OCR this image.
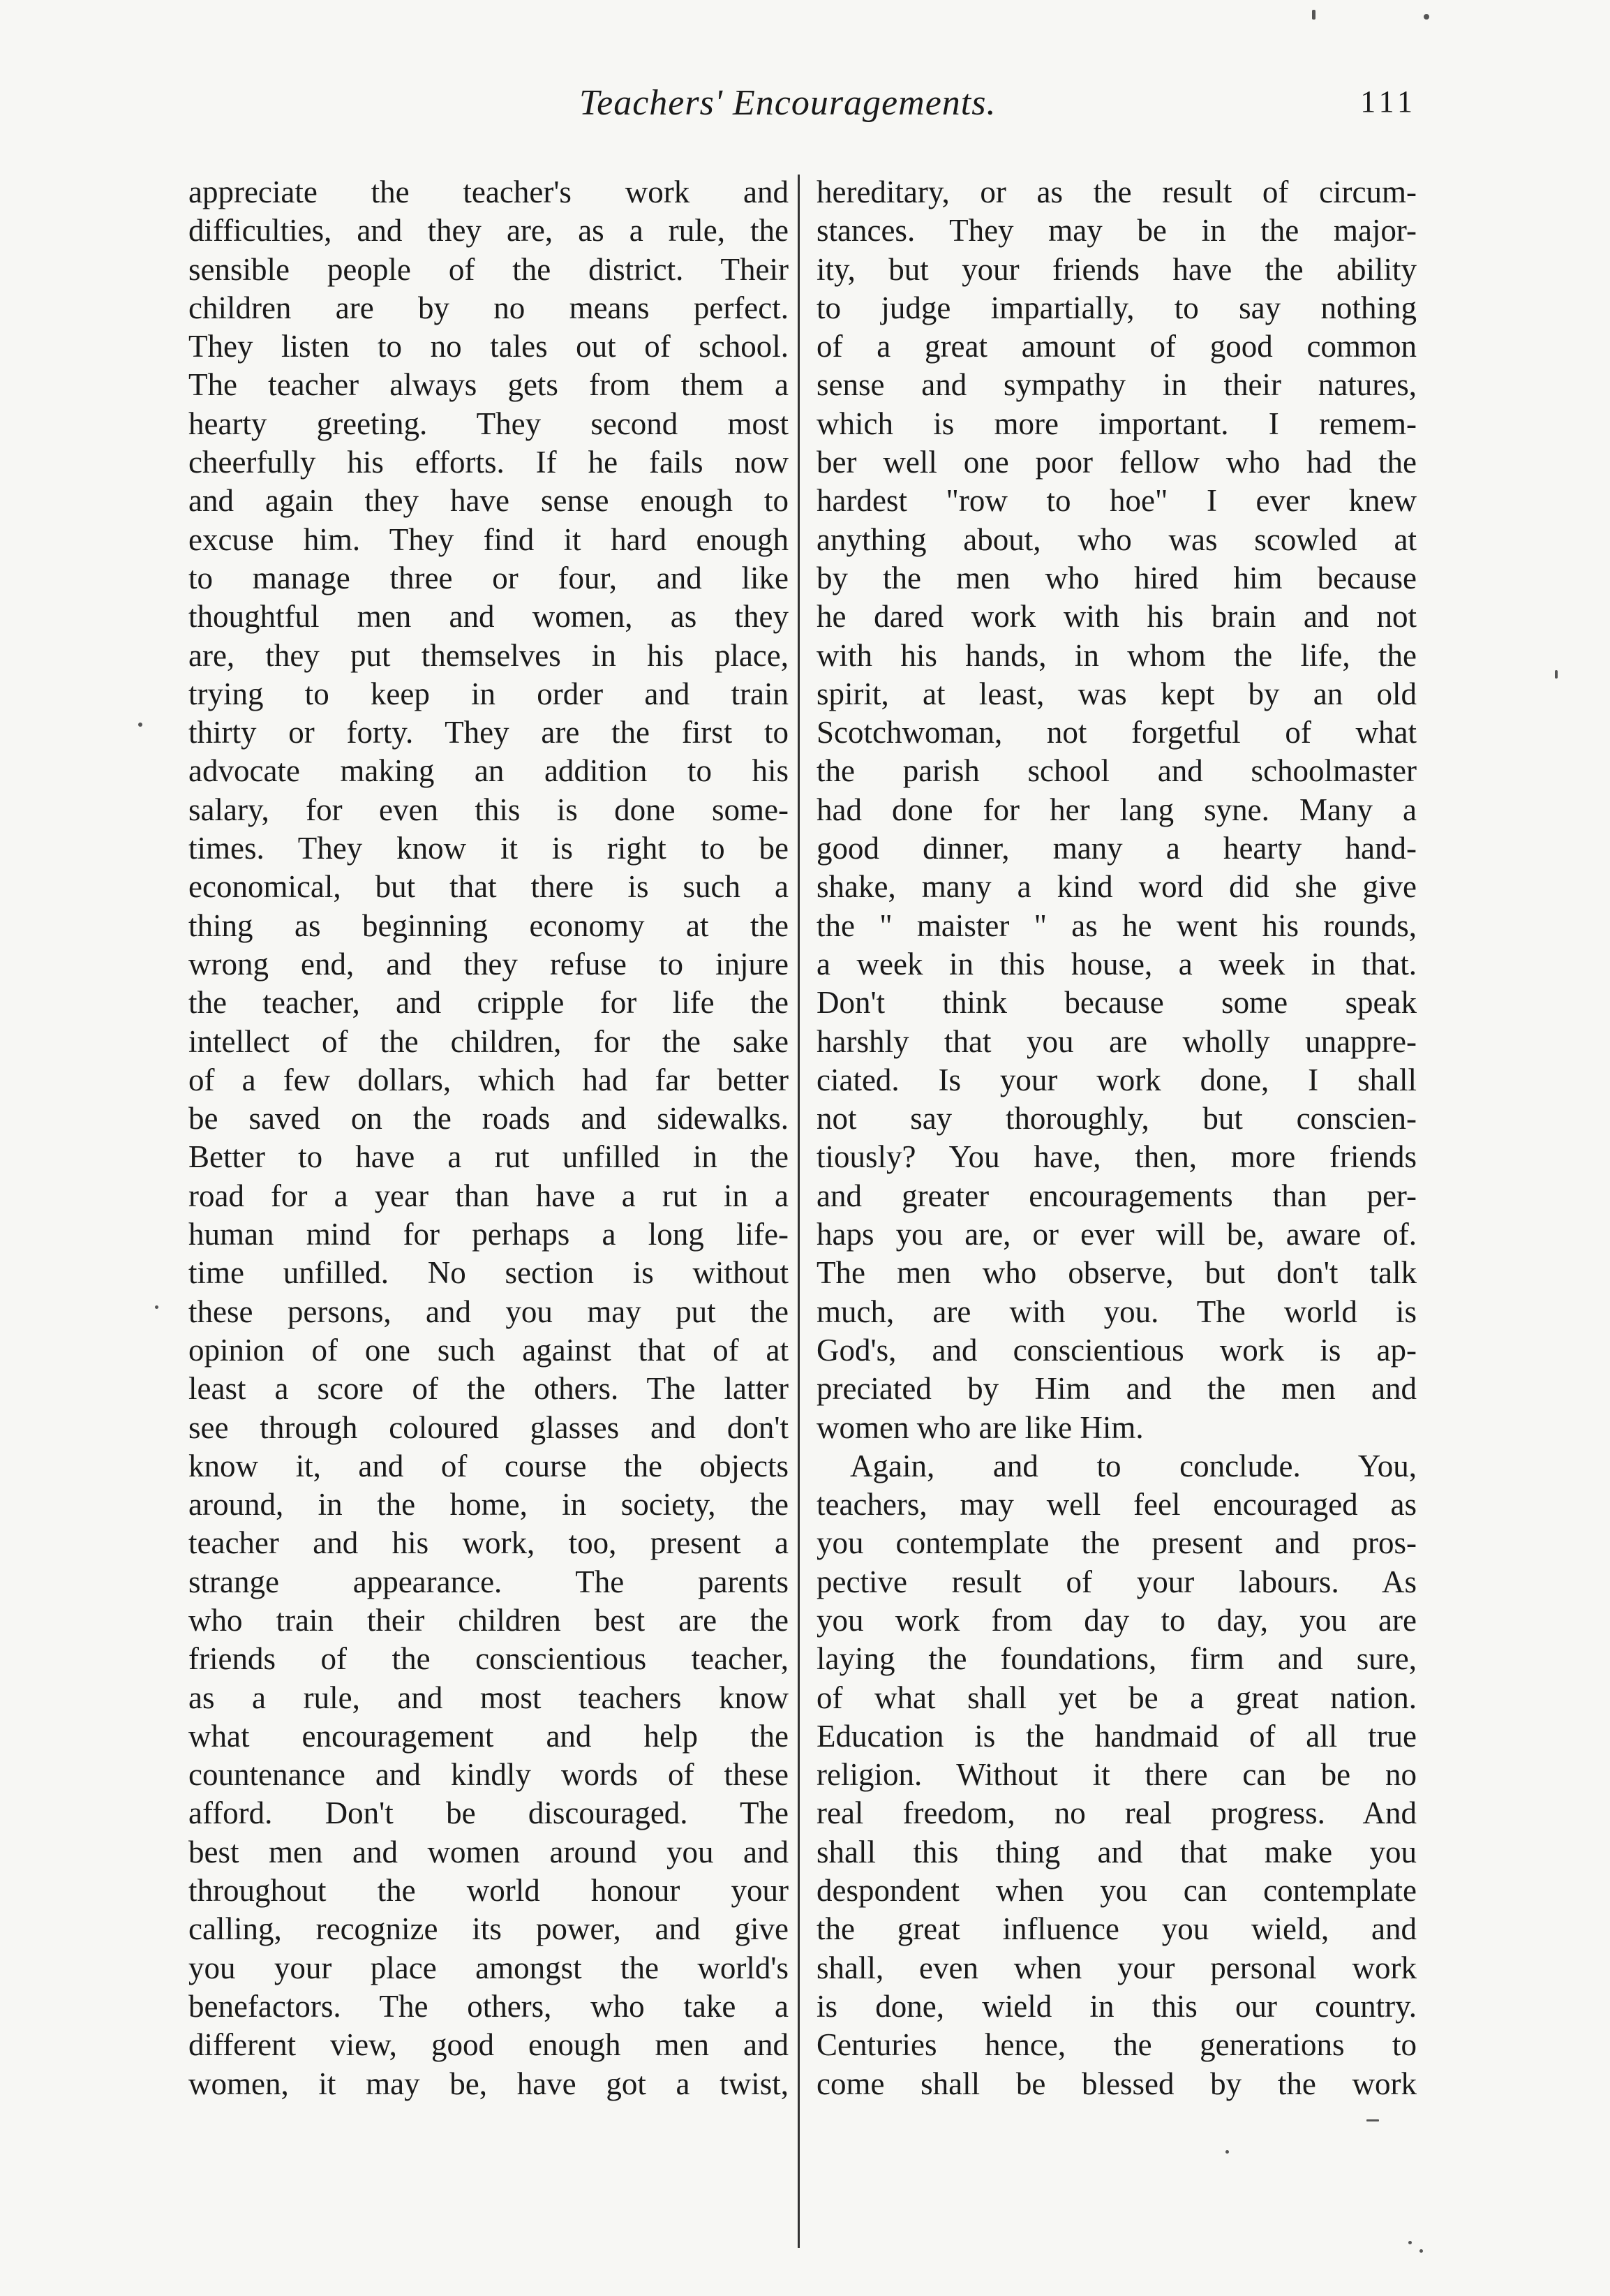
Teachers' Encouragements.	111
appreciate the teacher's work and
difficulties, and they are, as a rule, the
sensible people of the district. Their
children are by no means perfect.
They listen to no tales out of school.
The teacher always gets from them a
hearty greeting. They second most
cheerfully his efforts. If he fails now
and again they have sense enough to
excuse him. They find it hard enough
to manage three or four, and like
thoughtful men and women, as they
are, they put themselves in his place,
trying to keep in order and train
thirty or forty. They are the first to
advocate making an addition to his
salary, for even this is done some-
times. They know it is right to be
economical, but that there is such a
thing as beginning economy at the
wrong end, and they refuse to injure
the teacher, and cripple for life the
intellect of the children, for the sake
of a few dollars, which had far better
be saved on the roads and sidewalks.
Better to have a rut unfilled in the
road for a year than have a rut in a
human mind for perhaps a long life-
time unfilled. No section is without
these persons, and you may put the
opinion of one such against that of at
least a score of the others. The latter
see through coloured glasses and don't
know it, and of course the objects
around, in the home, in society, the
teacher and his work, too, present a
strange appearance. The parents
who train their children best are the
friends of the conscientious teacher,
as a rule, and most teachers know
what encouragement and help the
countenance and kindly words of these
afford. Don't be discouraged. The
best men and women around you and
throughout the world honour your
calling, recognize its power, and give
you your place amongst the world's
benefactors. The others, who take a
different view, good enough men and
women, it may be, have got a twist,
hereditary, or as the result of circum-
stances. They may be in the major-
ity, but your friends have the ability
to judge impartially, to say nothing
of a great amount of good common
sense and sympathy in their natures,
which is more important. I remem-
ber well one poor fellow who had the
hardest "row to hoe" I ever knew
anything about, who was scowled at
by the men who hired him because
he dared work with his brain and not
with his hands, in whom the life, the
spirit, at least, was kept by an old
Scotchwoman, not forgetful of what
the parish school and schoolmaster
had done for her lang syne. Many a
good dinner, many a hearty hand-
shake, many a kind word did she give
the " maister " as he went his rounds,
a week in this house, a week in that.
Don't think because some speak
harshly that you are wholly unappre-
ciated. Is your work done, I shall
not say thoroughly, but conscien-
tiously? You have, then, more friends
and greater encouragements than per-
haps you are, or ever will be, aware of.
The men who observe, but don't talk
much, are with you. The world is
God's, and conscientious work is ap-
preciated by Him and the men and
women who are like Him.
Again, and to conclude. You,
teachers, may well feel encouraged as
you contemplate the present and pros-
pective result of your labours. As
you work from day to day, you are
laying the foundations, firm and sure,
of what shall yet be a great nation.
Education is the handmaid of all true
religion. Without it there can be no
real freedom, no real progress. And
shall this thing and that make you
despondent when you can contemplate
the great influence you wield, and
shall, even when your personal work
is done, wield in this our country.
Centuries hence, the generations to
come shall be blessed by the work
